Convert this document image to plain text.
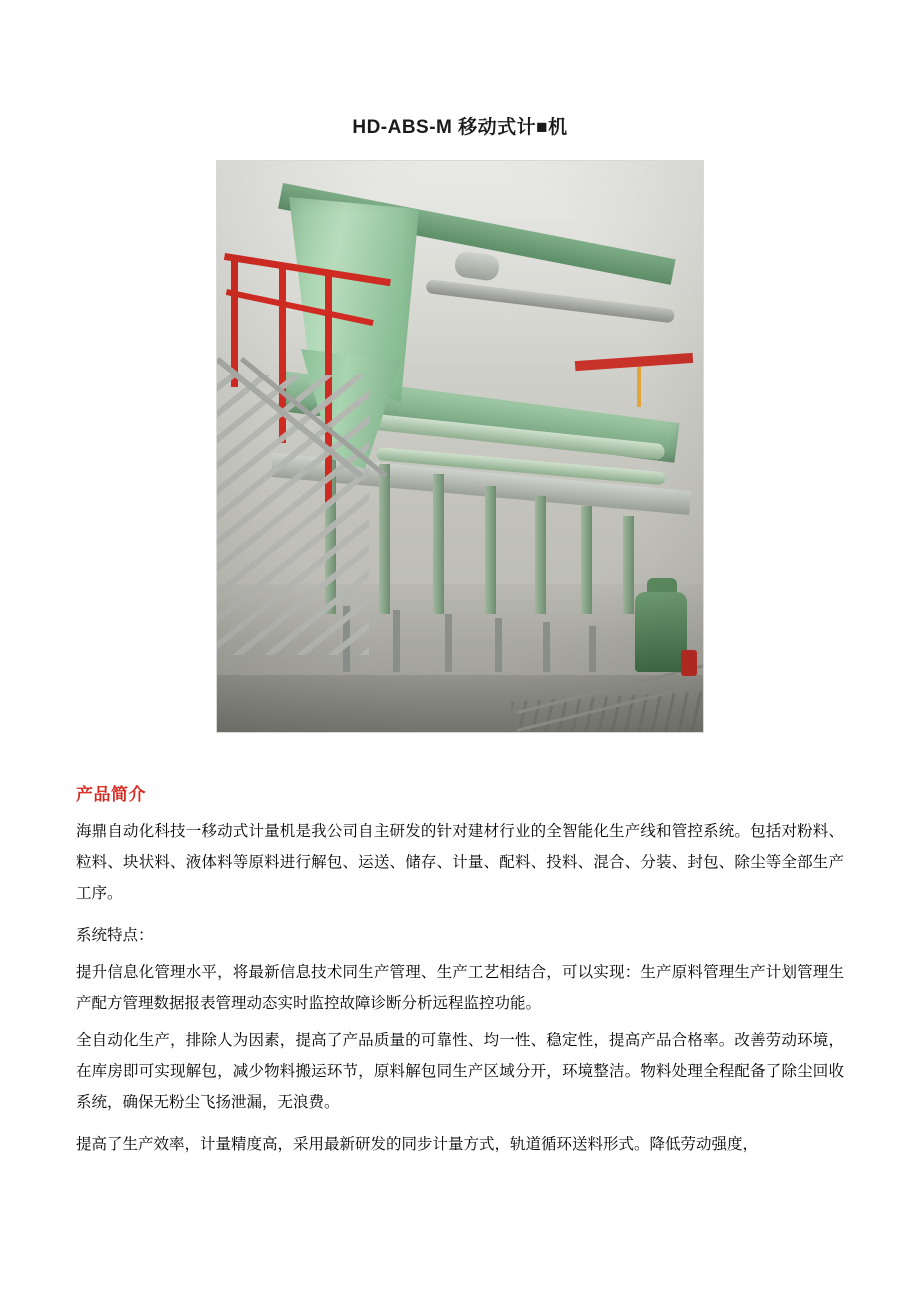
HD-ABS-M 移动式计■机
产品简介

海鼎自动化科技一移动式计量机是我公司自主研发的针对建材行业的全智能化生产线和管控系统。包括对粉料、粒料、块状料、液体料等原料进行解包、运送、储存、计量、配料、投料、混合、分装、封包、除尘等全部生产工序。

系统特点：

提升信息化管理水平，将最新信息技术同生产管理、生产工艺相结合，可以实现：生产原料管理生产计划管理生产配方管理数据报表管理动态实时监控故障诊断分析远程监控功能。

全自动化生产，排除人为因素，提高了产品质量的可靠性、均一性、稳定性，提高产品合格率。改善劳动环境，在库房即可实现解包，减少物料搬运环节，原料解包同生产区域分开，环境整洁。物料处理全程配备了除尘回收系统，确保无粉尘飞扬泄漏，无浪费。

提高了生产效率，计量精度高，采用最新研发的同步计量方式，轨道循环送料形式。降低劳动强度，
